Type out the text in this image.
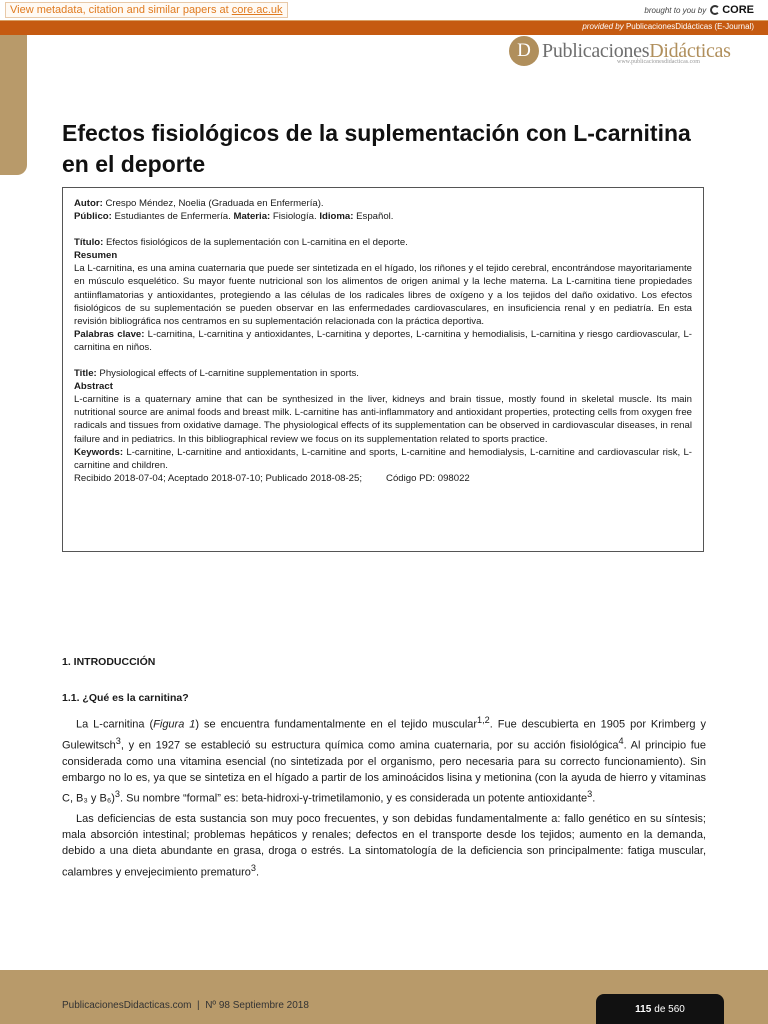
View metadata, citation and similar papers at core.ac.uk	brought to you by CORE
provided by PublicacionesDidácticas (E-Journal)
D PublicacionesDidácticas
www.publicacionesdidacticas.com
Efectos fisiológicos de la suplementación con L-carnitina en el deporte

Autor: Crespo Méndez, Noelia (Graduada en Enfermería).

Público: Estudiantes de Enfermería. Materia: Fisiología. Idioma: Español.

Título: Efectos fisiológicos de la suplementación con L-carnitina en el deporte.

Resumen

La L-carnitina, es una amina cuaternaria que puede ser sintetizada en el hígado, los riñones y el tejido cerebral, encontrándose mayoritariamente en músculo esquelético. Su mayor fuente nutricional son los alimentos de origen animal y la leche materna. La L-carnitina tiene propiedades antiinflamatorias y antioxidantes, protegiendo a las células de los radicales libres de oxígeno y a los tejidos del daño oxidativo. Los efectos fisiológicos de su suplementación se pueden observar en las enfermedades cardiovasculares, en insuficiencia renal y en pediatría. En esta revisión bibliográfica nos centramos en su suplementación relacionada con la práctica deportiva.

Palabras clave: L-carnitina, L-carnitina y antioxidantes, L-carnitina y deportes, L-carnitina y hemodialisis, L-carnitina y riesgo cardiovascular, L-carnitina en niños.

Title: Physiological effects of L-carnitine supplementation in sports.

Abstract

L-carnitine is a quaternary amine that can be synthesized in the liver, kidneys and brain tissue, mostly found in skeletal muscle. Its main nutritional source are animal foods and breast milk. L-carnitine has anti-inflammatory and antioxidant properties, protecting cells from oxygen free radicals and tissues from oxidative damage. The physiological effects of its supplementation can be observed in cardiovascular diseases, in renal failure and in pediatrics. In this bibliographical review we focus on its supplementation related to sports practice.

Keywords: L-carnitine, L-carnitine and antioxidants, L-carnitine and sports, L-carnitine and hemodialysis, L-carnitine and cardiovascular risk, L-carnitine and children.

Recibido 2018-07-04; Aceptado 2018-07-10; Publicado 2018-08-25;	Código PD: 098022

1. INTRODUCCIÓN
1.1. ¿Qué es la carnitina?

La L-carnitina (Figura 1) se encuentra fundamentalmente en el tejido muscular$^{1,2}$. Fue descubierta en 1905 por Krimberg y Gulewitsch$^3$, y en 1927 se estableció su estructura química como amina cuaternaria, por su acción fisiológica$^4$. Al principio fue considerada como una vitamina esencial (no sintetizada por el organismo, pero necesaria para su correcto funcionamiento). Sin embargo no lo es, ya que se sintetiza en el hígado a partir de los aminoácidos lisina y metionina (con la ayuda de hierro y vitaminas C, B₃ y B₆)$^3$. Su nombre “formal” es: beta-hidroxi-γ-trimetilamonio, y es considerada un potente antioxidante$^3$.

Las deficiencias de esta sustancia son muy poco frecuentes, y son debidas fundamentalmente a: fallo genético en su síntesis; mala absorción intestinal; problemas hepáticos y renales; defectos en el transporte desde los tejidos; aumento en la demanda, debido a una dieta abundante en grasa, droga o estrés. La sintomatología de la deficiencia son principalmente: fatiga muscular, calambres y envejecimiento prematuro$^3$.

PublicacionesDidacticas.com  |  Nº 98 Septiembre 2018	115 de 560
